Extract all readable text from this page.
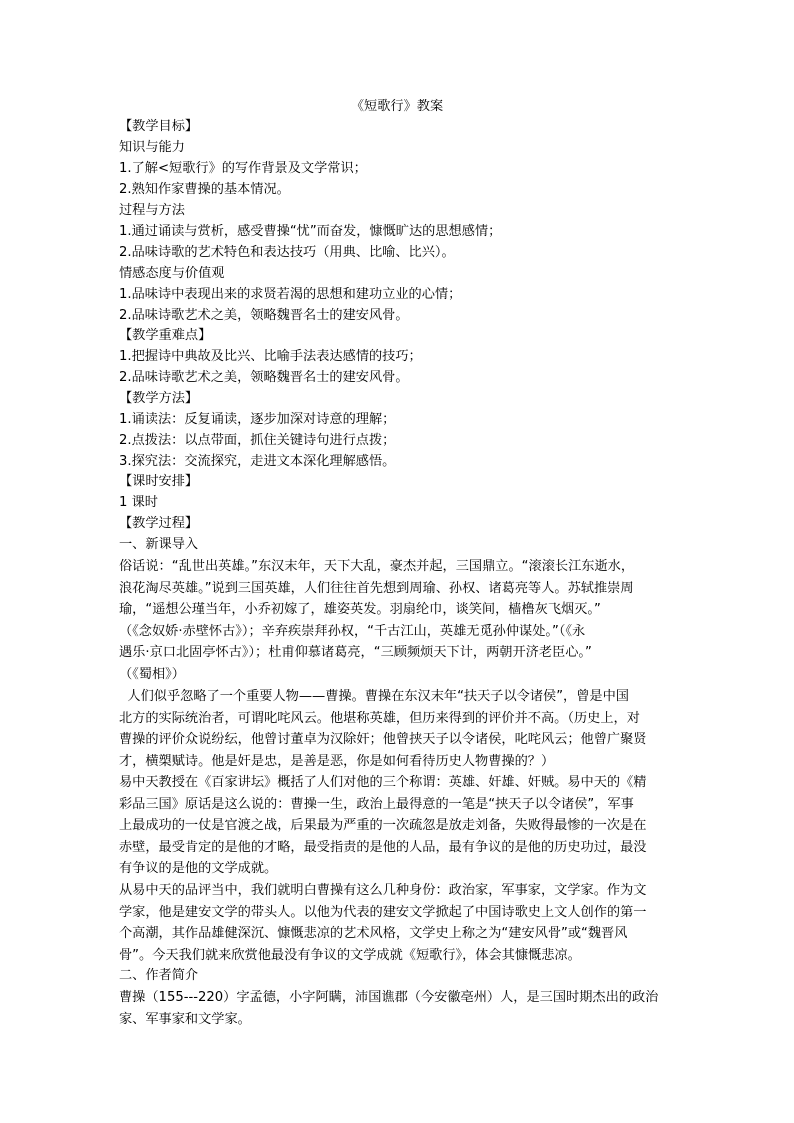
《短歌行》教案
【教学目标】
知识与能力
1.了解<短歌行》的写作背景及文学常识；
2.熟知作家曹操的基本情况。
过程与方法
1.通过诵读与赏析，感受曹操“忧”而奋发，慷慨旷达的思想感情；
2.品味诗歌的艺术特色和表达技巧（用典、比喻、比兴）。
情感态度与价值观
1.品味诗中表现出来的求贤若渴的思想和建功立业的心情；
2.品味诗歌艺术之美，领略魏晋名士的建安风骨。
【教学重难点】
1.把握诗中典故及比兴、比喻手法表达感情的技巧；
2.品味诗歌艺术之美，领略魏晋名士的建安风骨。
【教学方法】
1.诵读法：反复诵读，逐步加深对诗意的理解；
2.点拨法：以点带面，抓住关键诗句进行点拨；
3.探究法：交流探究，走进文本深化理解感悟。
【课时安排】
1 课时
【教学过程】
一、新课导入
俗话说：“乱世出英雄。”东汉末年，天下大乱，豪杰并起，三国鼎立。“滚滚长江东逝水，
浪花淘尽英雄。”说到三国英雄，人们往往首先想到周瑜、孙权、诸葛亮等人。苏轼推崇周
瑜，“遥想公瑾当年，小乔初嫁了，雄姿英发。羽扇纶巾，谈笑间，樯橹灰飞烟灭。”
（《念奴娇·赤壁怀古》）；辛弃疾崇拜孙权，“千古江山，英雄无觅孙仲谋处。”（《永
遇乐·京口北固亭怀古》）；杜甫仰慕诸葛亮，“三顾频烦天下计，两朝开济老臣心。”
（《蜀相》）
人们似乎忽略了一个重要人物——曹操。曹操在东汉末年“扶天子以令诸侯”，曾是中国
北方的实际统治者，可谓叱咤风云。他堪称英雄，但历来得到的评价并不高。（历史上，对
曹操的评价众说纷纭，他曾讨董卓为汉除奸；他曾挟天子以令诸侯，叱咤风云；他曾广聚贤
才，横槊赋诗。他是奸是忠，是善是恶，你是如何看待历史人物曹操的？）
易中天教授在《百家讲坛》概括了人们对他的三个称谓：英雄、奸雄、奸贼。易中天的《精
彩品三国》原话是这么说的：曹操一生，政治上最得意的一笔是“挟天子以令诸侯”，军事
上最成功的一仗是官渡之战，后果最为严重的一次疏忽是放走刘备，失败得最惨的一次是在
赤壁，最受肯定的是他的才略，最受指责的是他的人品，最有争议的是他的历史功过，最没
有争议的是他的文学成就。
从易中天的品评当中，我们就明白曹操有这么几种身份：政治家，军事家，文学家。作为文
学家，他是建安文学的带头人。以他为代表的建安文学掀起了中国诗歌史上文人创作的第一
个高潮，其作品雄健深沉、慷慨悲凉的艺术风格，文学史上称之为“建安风骨”或“魏晋风
骨”。今天我们就来欣赏他最没有争议的文学成就《短歌行》，体会其慷慨悲凉。
二、作者简介
曹操（155---220）字孟德，小字阿瞒，沛国谯郡（今安徽亳州）人，是三国时期杰出的政治
家、军事家和文学家。
